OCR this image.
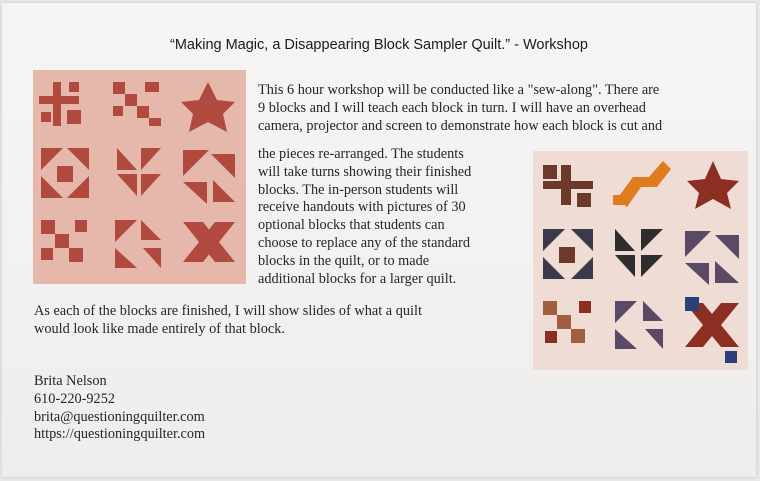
“Making Magic, a Disappearing Block Sampler Quilt.” - Workshop

This 6 hour workshop will be conducted like a "sew-along". There are
9 blocks and I will teach each block in turn. I will have an overhead
camera, projector and screen to demonstrate how each block is cut and

the pieces re-arranged. The students
will take turns showing their finished
blocks. The in-person students will
receive handouts with pictures of 30
optional blocks that students can
choose to replace any of the standard
blocks in the quilt, or to made
additional blocks for a larger quilt.

As each of the blocks are finished, I will show slides of what a quilt
would look like made entirely of that block.

Brita Nelson
610-220-9252
brita@questioningquilter.com
https://questioningquilter.com
